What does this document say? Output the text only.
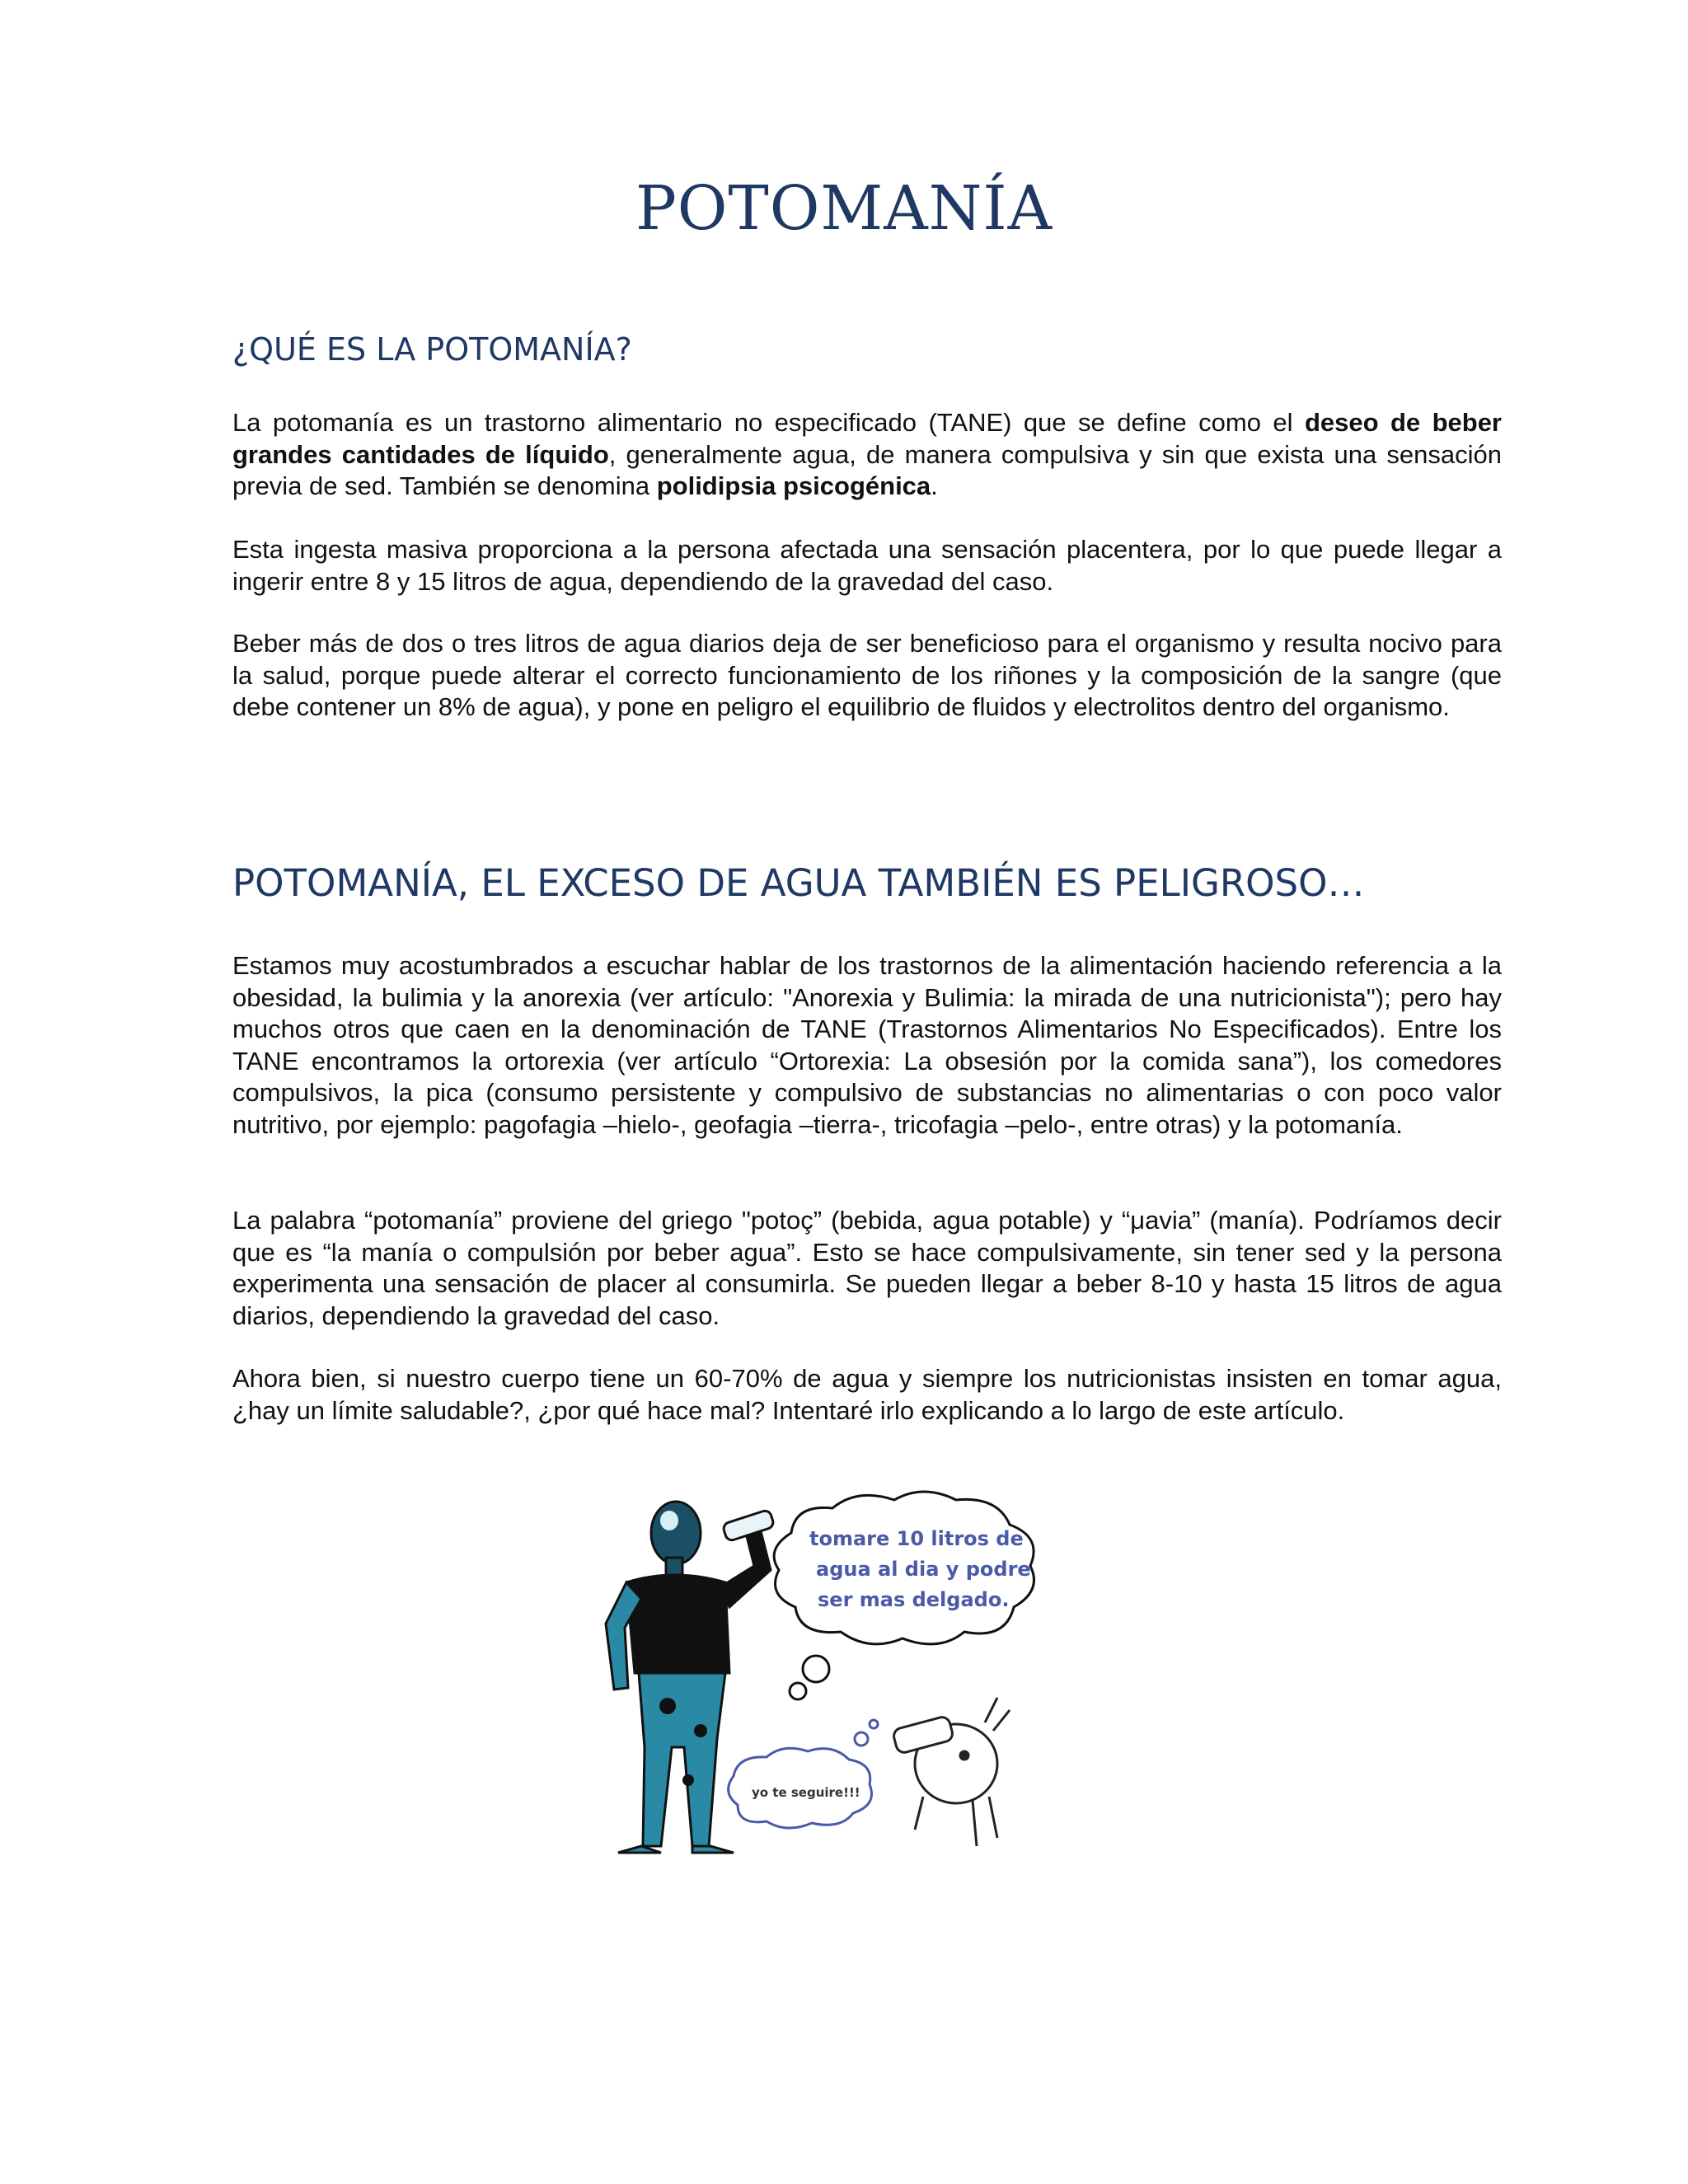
POTOMANÍA
¿QUÉ ES LA POTOMANÍA?

La potomanía es un trastorno alimentario no especificado (TANE) que se define como el deseo de beber grandes cantidades de líquido, generalmente agua, de manera compulsiva y sin que exista una sensación previa de sed. También se denomina polidipsia psicogénica.

Esta ingesta masiva proporciona a la persona afectada una sensación placentera, por lo que puede llegar a ingerir entre 8 y 15 litros de agua, dependiendo de la gravedad del caso.

Beber más de dos o tres litros de agua diarios deja de ser beneficioso para el organismo y resulta nocivo para la salud, porque puede alterar el correcto funcionamiento de los riñones y la composición de la sangre (que debe contener un 8% de agua), y pone en peligro el equilibrio de fluidos y electrolitos dentro del organismo.

POTOMANÍA, EL EXCESO DE AGUA TAMBIÉN ES PELIGROSO…

Estamos muy acostumbrados a escuchar hablar de los trastornos de la alimentación haciendo referencia a la obesidad, la bulimia y la anorexia (ver artículo: "Anorexia y Bulimia: la mirada de una nutricionista"); pero hay muchos otros que caen en la denominación de TANE (Trastornos Alimentarios No Especificados). Entre los TANE encontramos la ortorexia (ver artículo “Ortorexia: La obsesión por la comida sana”), los comedores compulsivos, la pica (consumo persistente y compulsivo de substancias no alimentarias o con poco valor nutritivo, por ejemplo: pagofagia –hielo-, geofagia –tierra-, tricofagia –pelo-, entre otras) y la potomanía.

La palabra “potomanía” proviene del griego "potoç” (bebida, agua potable) y “μavia” (manía). Podríamos decir que es “la manía o compulsión por beber agua”. Esto se hace compulsivamente, sin tener sed y la persona experimenta una sensación de placer al consumirla. Se pueden llegar a beber 8-10 y hasta 15 litros de agua diarios, dependiendo la gravedad del caso.

Ahora bien, si nuestro cuerpo tiene un 60-70% de agua y siempre los nutricionistas insisten en tomar agua, ¿hay un límite saludable?, ¿por qué hace mal? Intentaré irlo explicando a lo largo de este artículo.

tomare 10 litros de
agua al dia y podre
ser mas delgado.
yo te seguire!!!
